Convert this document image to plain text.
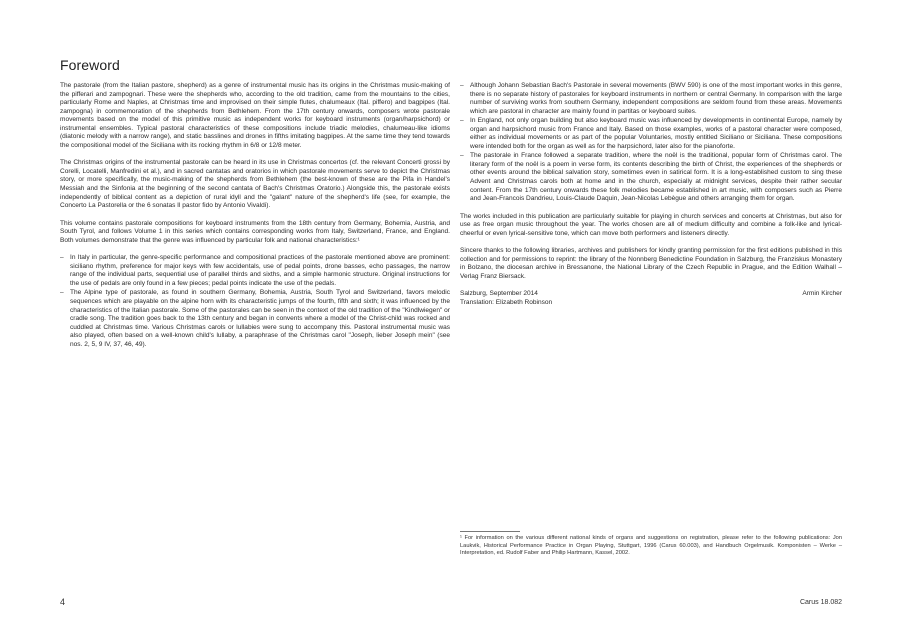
Foreword

The pastorale (from the Italian pastore, shepherd) as a genre of instrumental music has its origins in the Christmas music-making of the pifferari and zampognari. These were the shepherds who, according to the old tradition, came from the mountains to the cities, particularly Rome and Naples, at Christmas time and improvised on their simple flutes, chalumeaux (Ital. piffero) and bagpipes (Ital. zampogna) in commemoration of the shepherds from Bethlehem. From the 17th century onwards, composers wrote pastorale movements based on the model of this primitive music as independent works for keyboard instruments (organ/harpsichord) or instrumental ensembles. Typical pastoral characteristics of these compositions include triadic melodies, chalumeau-like idioms (diatonic melody with a narrow range), and static basslines and drones in fifths imitating bagpipes. At the same time they tend towards the compositional model of the Siciliana with its rocking rhythm in 6/8 or 12/8 meter.

The Christmas origins of the instrumental pastorale can be heard in its use in Christmas concertos (cf. the relevant Concerti grossi by Corelli, Locatelli, Manfredini et al.), and in sacred cantatas and oratorios in which pastorale movements serve to depict the Christmas story, or more specifically, the music-making of the shepherds from Bethlehem (the best-known of these are the Pifa in Handel's Messiah and the Sinfonia at the beginning of the second cantata of Bach's Christmas Oratorio.) Alongside this, the pastorale exists independently of biblical content as a depiction of rural idyll and the "galant" nature of the shepherd's life (see, for example, the Concerto La Pastorella or the 6 sonatas Il pastor fido by Antonio Vivaldi).

This volume contains pastorale compositions for keyboard instruments from the 18th century from Germany, Bohemia, Austria, and South Tyrol, and follows Volume 1 in this series which contains corresponding works from Italy, Switzerland, France, and England. Both volumes demonstrate that the genre was influenced by particular folk and national characteristics:¹

– In Italy in particular, the genre-specific performance and compositional practices of the pastorale mentioned above are prominent: siciliano rhythm, preference for major keys with few accidentals, use of pedal points, drone basses, echo passages, the narrow range of the individual parts, sequential use of parallel thirds and sixths, and a simple harmonic structure. Original instructions for the use of pedals are only found in a few pieces; pedal points indicate the use of the pedals.
– The Alpine type of pastorale, as found in southern Germany, Bohemia, Austria, South Tyrol and Switzerland, favors melodic sequences which are playable on the alpine horn with its characteristic jumps of the fourth, fifth and sixth; it was influenced by the characteristics of the Italian pastorale. Some of the pastorales can be seen in the context of the old tradition of the "Kindlwiegen" or cradle song. The tradition goes back to the 13th century and began in convents where a model of the Christ-child was rocked and cuddled at Christmas time. Various Christmas carols or lullabies were sung to accompany this. Pastoral instrumental music was also played, often based on a well-known child's lullaby, a paraphrase of the Christmas carol "Joseph, lieber Joseph mein" (see nos. 2, 5, 9 IV, 37, 46, 49).
– Although Johann Sebastian Bach's Pastorale in several movements (BWV 590) is one of the most important works in this genre, there is no separate history of pastorales for keyboard instruments in northern or central Germany. In comparison with the large number of surviving works from southern Germany, independent compositions are seldom found from these areas. Movements which are pastoral in character are mainly found in partitas or keyboard suites.
– In England, not only organ building but also keyboard music was influenced by developments in continental Europe, namely by organ and harpsichord music from France and Italy. Based on those examples, works of a pastoral character were composed, either as individual movements or as part of the popular Voluntaries, mostly entitled Siciliano or Siciliana. These compositions were intended both for the organ as well as for the harpsichord, later also for the pianoforte.
– The pastorale in France followed a separate tradition, where the noël is the traditional, popular form of Christmas carol. The literary form of the noël is a poem in verse form, its contents describing the birth of Christ, the experiences of the shepherds or other events around the biblical salvation story, sometimes even in satirical form. It is a long-established custom to sing these Advent and Christmas carols both at home and in the church, especially at midnight services, despite their rather secular content. From the 17th century onwards these folk melodies became established in art music, with composers such as Pierre and Jean-Francois Dandrieu, Louis-Claude Daquin, Jean-Nicolas Lebègue and others arranging them for organ.

The works included in this publication are particularly suitable for playing in church services and concerts at Christmas, but also for use as free organ music throughout the year. The works chosen are all of medium difficulty and combine a folk-like and lyrical-cheerful or even lyrical-sensitive tone, which can move both performers and listeners directly.

Sincere thanks to the following libraries, archives and publishers for kindly granting permission for the first editions published in this collection and for permissions to reprint: the library of the Nonnberg Benedictine Foundation in Salzburg, the Franziskus Monastery in Bolzano, the diocesan archive in Bressanone, the National Library of the Czech Republic in Prague, and the Edition Walhall – Verlag Franz Biersack.

Salzburg, September 2014	Armin Kircher
Translation: Elizabeth Robinson
¹ For information on the various different national kinds of organs and suggestions on registration, please refer to the following publications: Jon Laukvik, Historical Performance Practice in Organ Playing, Stuttgart, 1996 (Carus 60.003), and Handbuch Orgelmusik. Komponisten – Werke – Interpretation, ed. Rudolf Faber and Philip Hartmann, Kassel, 2002.
4	Carus 18.082
